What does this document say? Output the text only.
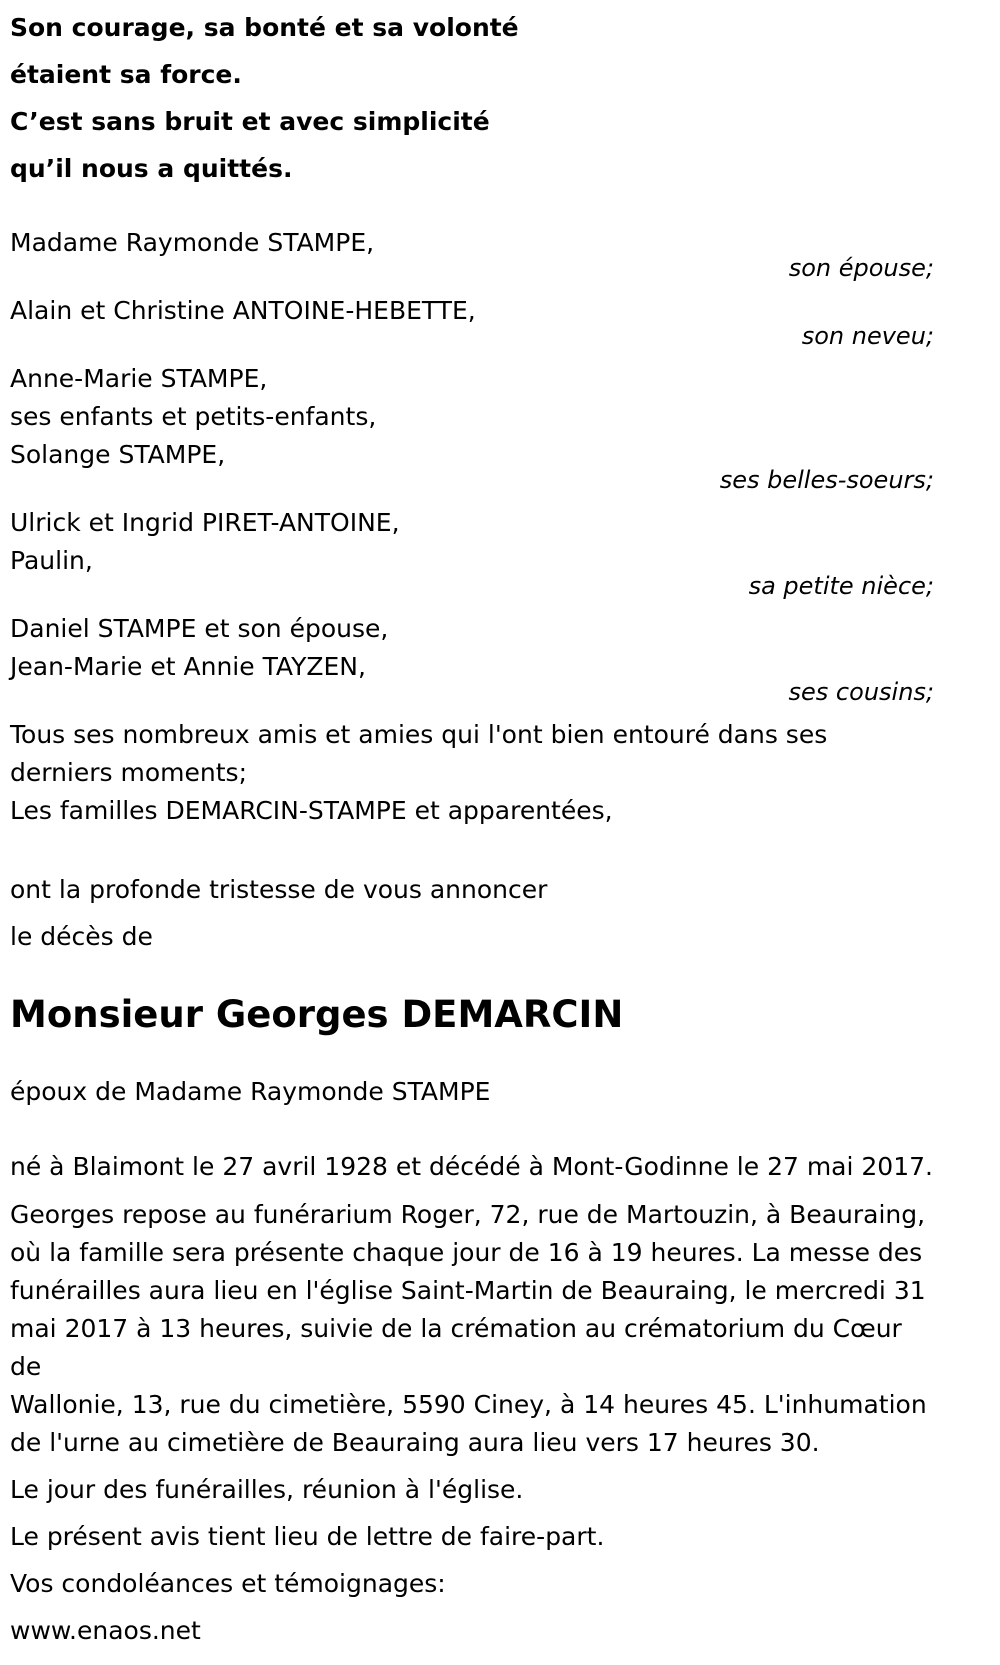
Son courage, sa bonté et sa volonté
étaient sa force.
C’est sans bruit et avec simplicité
qu’il nous a quittés.
Madame Raymonde STAMPE,
son épouse;
Alain et Christine ANTOINE-HEBETTE,
son neveu;
Anne-Marie STAMPE,
ses enfants et petits-enfants,
Solange STAMPE,
ses belles-soeurs;
Ulrick et Ingrid PIRET-ANTOINE,
Paulin,
sa petite nièce;
Daniel STAMPE et son épouse,
Jean-Marie et Annie TAYZEN,
ses cousins;
Tous ses nombreux amis et amies qui l'ont bien entouré dans ses
derniers moments;
Les familles DEMARCIN-STAMPE et apparentées,
ont la profonde tristesse de vous annoncer
le décès de
Monsieur Georges DEMARCIN
époux de Madame Raymonde STAMPE
né à Blaimont le 27 avril 1928 et décédé à Mont-Godinne le 27 mai 2017.
Georges repose au funérarium Roger, 72, rue de Martouzin, à Beauraing,
où la famille sera présente chaque jour de 16 à 19 heures. La messe des
funérailles aura lieu en l'église Saint-Martin de Beauraing, le mercredi 31
mai 2017 à 13 heures, suivie de la crémation au crématorium du Cœur de
Wallonie, 13, rue du cimetière, 5590 Ciney, à 14 heures 45. L'inhumation
de l'urne au cimetière de Beauraing aura lieu vers 17 heures 30.
Le jour des funérailles, réunion à l'église.
Le présent avis tient lieu de lettre de faire-part.
Vos condoléances et témoignages:
www.enaos.net
